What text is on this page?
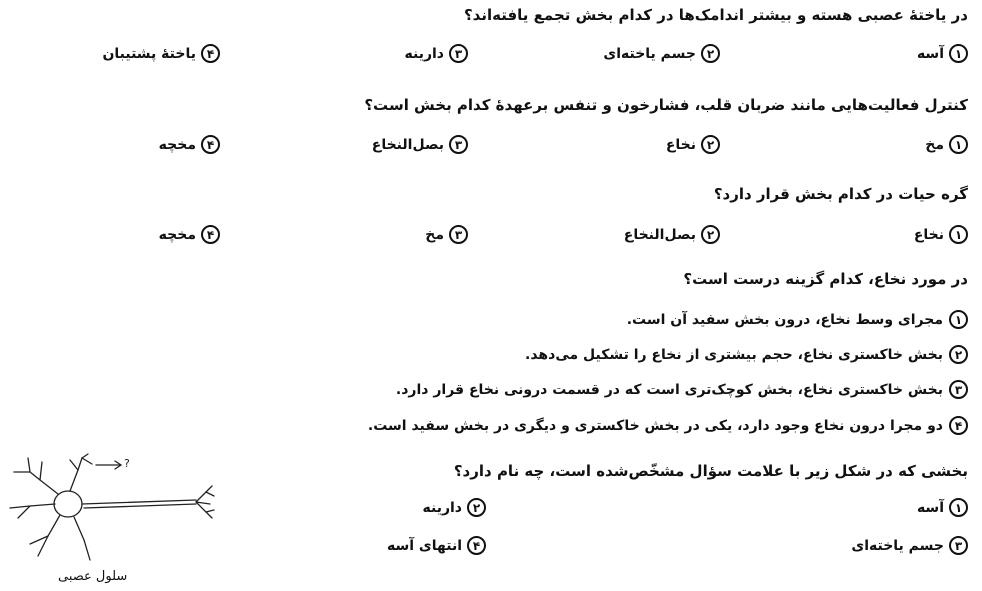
در یاختهٔ عصبی هسته و بیشتر اندامک‌ها در کدام بخش تجمع یافته‌اند؟
۱
آسه
۲
جسم یاخته‌ای
۳
دارینه
۴
یاختهٔ پشتیبان
کنترل فعالیت‌هایی مانند ضربان قلب، فشارخون و تنفس برعهدهٔ کدام بخش است؟
۱
مخ
۲
نخاع
۳
بصل‌النخاع
۴
مخچه
گره حیات در کدام بخش قرار دارد؟
۱
نخاع
۲
بصل‌النخاع
۳
مخ
۴
مخچه
در مورد نخاع، کدام گزینه درست است؟
۱
مجرای وسط نخاع، درون بخش سفید آن است.
۲
بخش خاکستری نخاع، حجم بیشتری از نخاع را تشکیل می‌دهد.
۳
بخش خاکستری نخاع، بخش کوچک‌تری است که در قسمت درونی نخاع قرار دارد.
۴
دو مجرا درون نخاع وجود دارد، یکی در بخش خاکستری و دیگری در بخش سفید است.
بخشی که در شکل زیر با علامت سؤال مشخّص‌شده است، چه نام دارد؟
۱
آسه
۲
دارینه
۳
جسم یاخته‌ای
۴
انتهای آسه
?
سلول عصبی
